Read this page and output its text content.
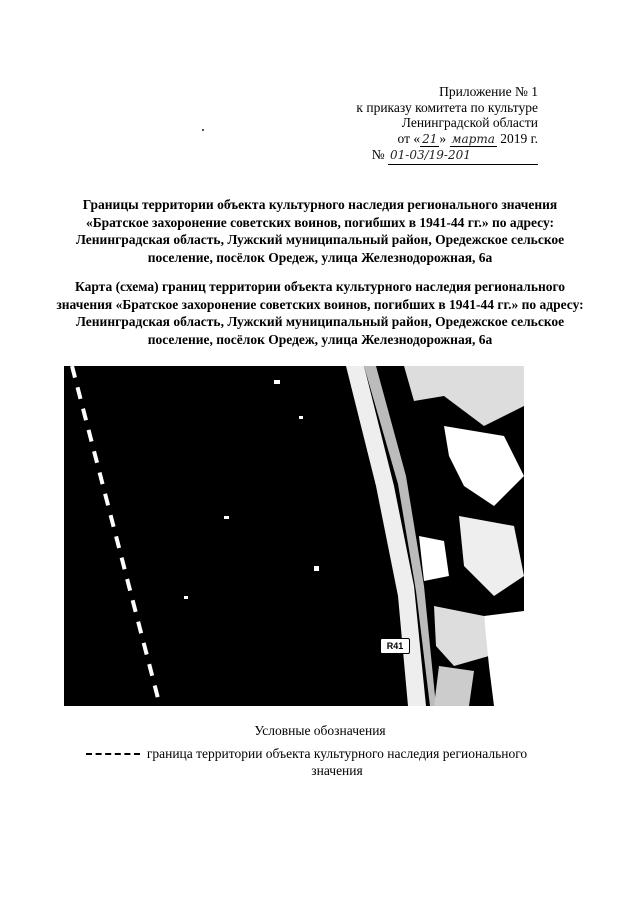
Приложение № 1
к приказу комитета по культуре
Ленинградской области
от « 21 » марта 2019 г.
№ 01-03/19-201
Границы территории объекта культурного наследия регионального значения «Братское захоронение советских воинов, погибших в 1941-44 гг.» по адресу: Ленинградская область, Лужский муниципальный район, Оредежское сельское поселение, посёлок Оредеж, улица Железнодорожная, 6а
Карта (схема) границ территории объекта культурного наследия регионального значения «Братское захоронение советских воинов, погибших в 1941-44 гг.» по адресу: Ленинградская область, Лужский муниципальный район, Оредежское сельское поселение, посёлок Оредеж, улица Железнодорожная, 6а
R41
Условные обозначения
граница территории объекта культурного наследия регионального значения
